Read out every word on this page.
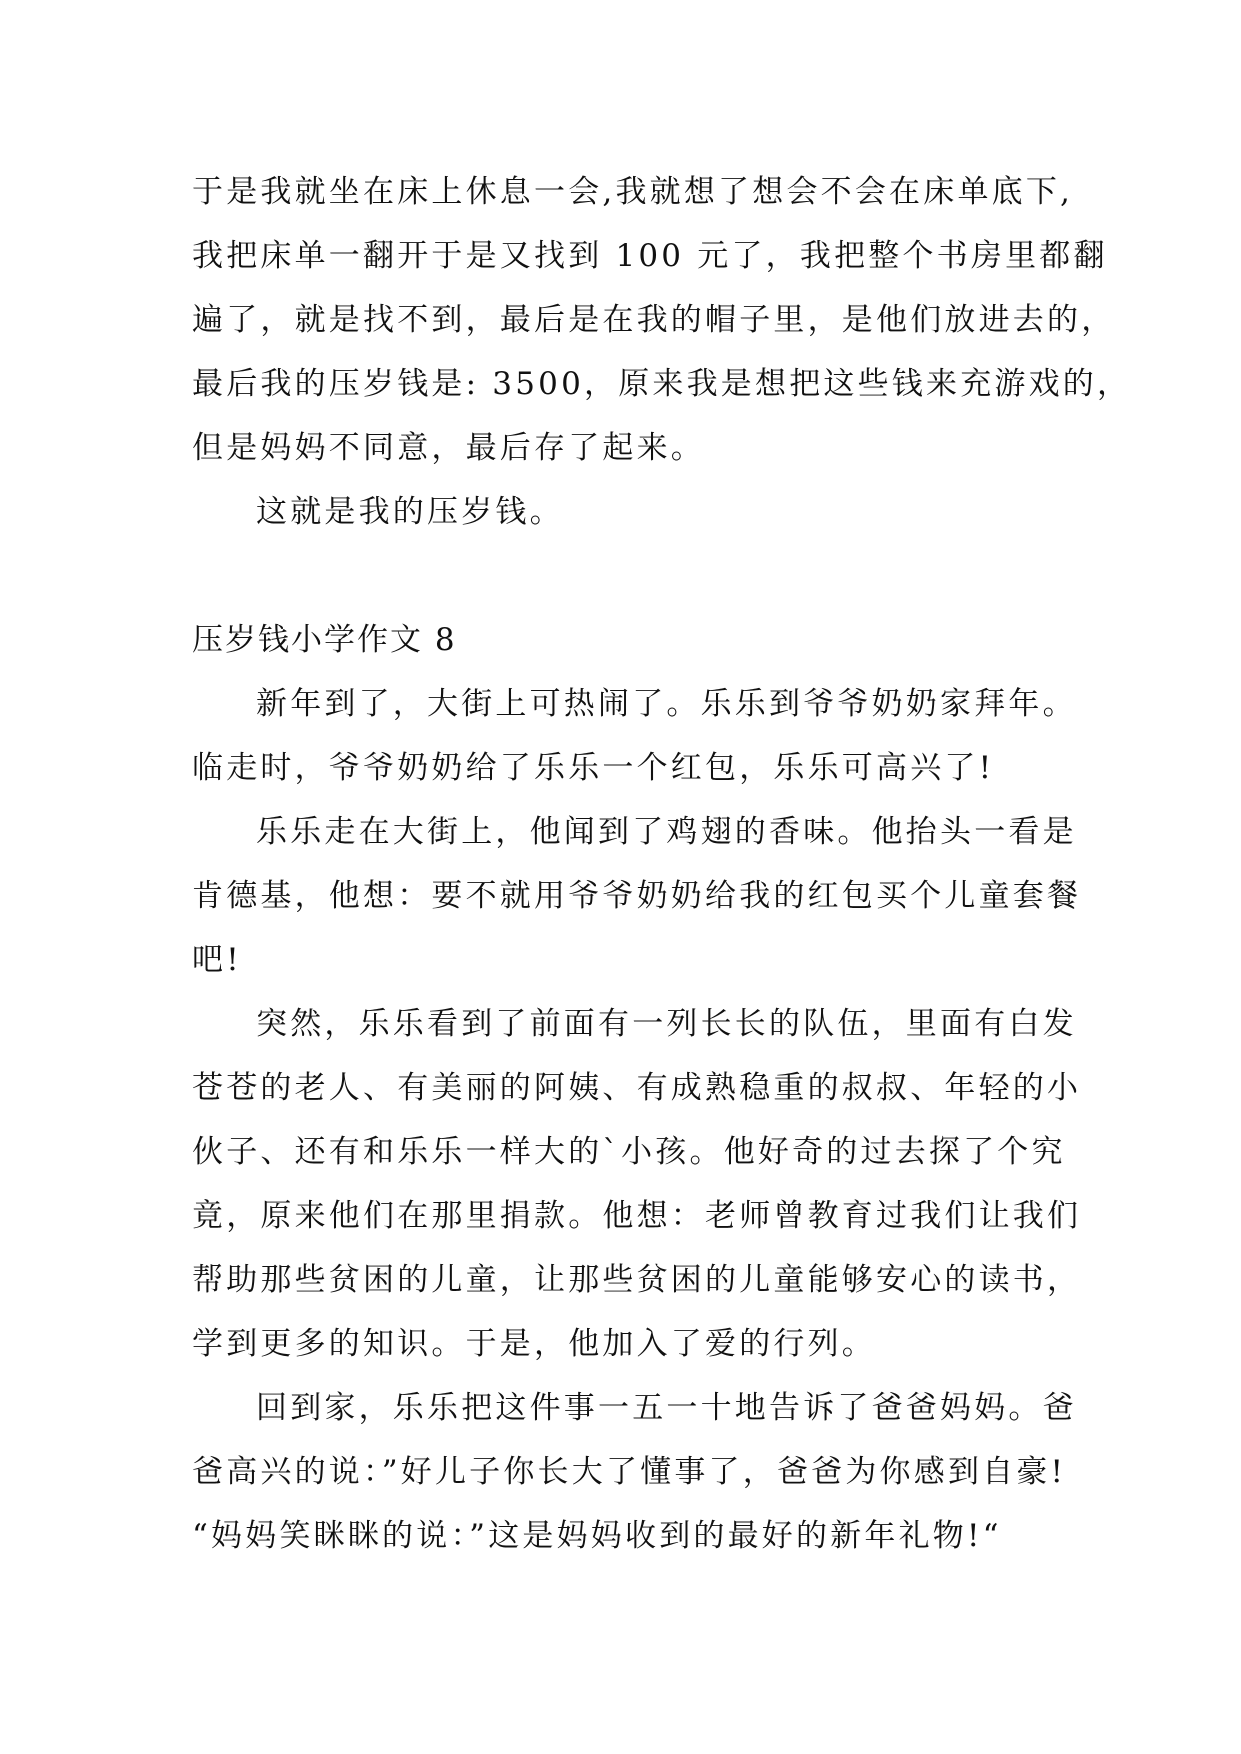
于是我就坐在床上休息一会,我就想了想会不会在床单底下,
我把床单一翻开于是又找到 100 元了，我把整个书房里都翻
遍了，就是找不到，最后是在我的帽子里，是他们放进去的，
最后我的压岁钱是: 3500，原来我是想把这些钱来充游戏的，
但是妈妈不同意，最后存了起来。
这就是我的压岁钱。
压岁钱小学作文 8
新年到了，大街上可热闹了。乐乐到爷爷奶奶家拜年。
临走时，爷爷奶奶给了乐乐一个红包，乐乐可高兴了!
乐乐走在大街上，他闻到了鸡翅的香味。他抬头一看是
肯德基，他想：要不就用爷爷奶奶给我的红包买个儿童套餐
吧!
突然，乐乐看到了前面有一列长长的队伍，里面有白发
苍苍的老人、有美丽的阿姨、有成熟稳重的叔叔、年轻的小
伙子、还有和乐乐一样大的`小孩。他好奇的过去探了个究
竟，原来他们在那里捐款。他想：老师曾教育过我们让我们
帮助那些贫困的儿童，让那些贫困的儿童能够安心的读书，
学到更多的知识。于是，他加入了爱的行列。
回到家，乐乐把这件事一五一十地告诉了爸爸妈妈。爸
爸高兴的说：”好儿子你长大了懂事了，爸爸为你感到自豪!
“妈妈笑眯眯的说：”这是妈妈收到的最好的新年礼物!“
